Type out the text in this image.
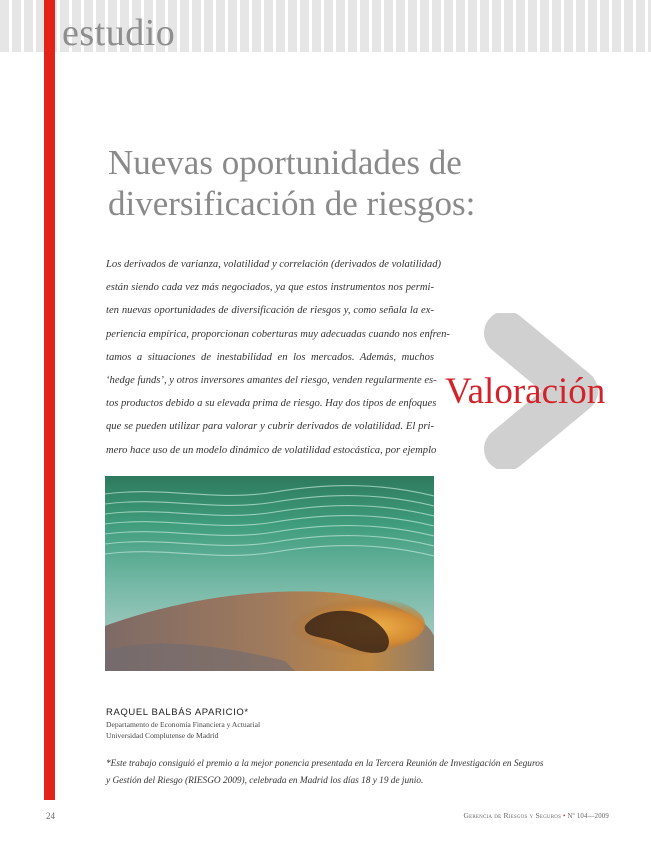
estudio
Nuevas oportunidades de
diversificación de riesgos:
Los derivados de varianza, volatilidad y correlación (derivados de volatilidad)
están siendo cada vez más negociados, ya que estos instrumentos nos permi-
ten nuevas oportunidades de diversificación de riesgos y, como señala la ex-
periencia empírica, proporcionan coberturas muy adecuadas cuando nos enfren-
tamos a situaciones de inestabilidad en los mercados. Además, muchos
‘hedge funds’, y otros inversores amantes del riesgo, venden regularmente es-
tos productos debido a su elevada prima de riesgo. Hay dos tipos de enfoques
que se pueden utilizar para valorar y cubrir derivados de volatilidad. El pri-
mero hace uso de un modelo dinámico de volatilidad estocástica, por ejemplo
Valoración
RAQUEL BALBÁS APARICIO*
Departamento de Economía Financiera y Actuarial
Universidad Complutense de Madrid
*Este trabajo consiguió el premio a la mejor ponencia presentada en la Tercera Reunión de Investigación en Seguros
y Gestión del Riesgo (RIESGO 2009), celebrada en Madrid los días 18 y 19 de junio.
24	Gerencia de Riesgos y Seguros • Nº 104—2009
